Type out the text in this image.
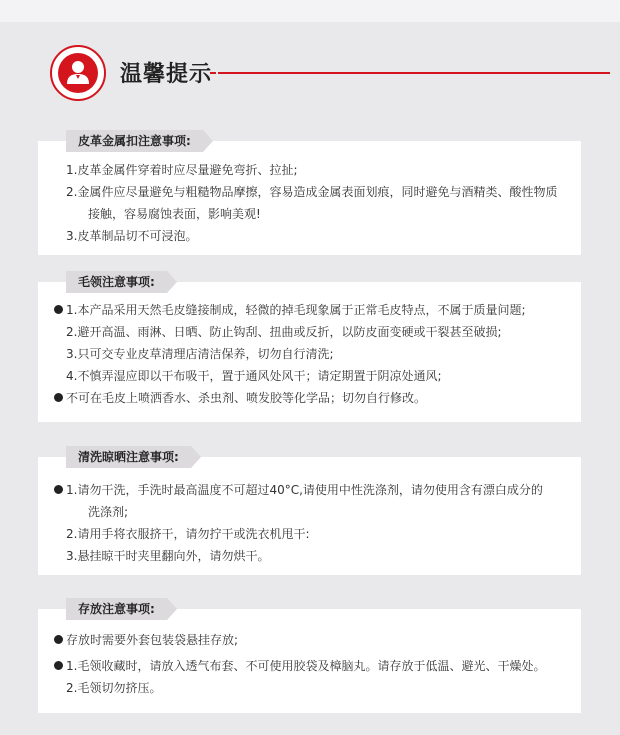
温馨提示
1.皮革金属件穿着时应尽量避免弯折、拉扯;
2.金属件应尽量避免与粗糙物品摩擦，容易造成金属表面划痕，同时避免与酒精类、酸性物质
接触，容易腐蚀表面，影响美观!
3.皮革制品切不可浸泡。
皮革金属扣注意事项:
1.本产品采用天然毛皮缝接制成，轻微的掉毛现象属于正常毛皮特点，不属于质量问题;
2.避开高温、雨淋、日晒、防止钩刮、扭曲或反折，以防皮面变硬或干裂甚至破损;
3.只可交专业皮草清理店清洁保养，切勿自行清洗;
4.不慎弄湿应即以干布吸干，置于通风处风干；请定期置于阴凉处通风;
不可在毛皮上喷洒香水、杀虫剂、喷发胶等化学品；切勿自行修改。
毛领注意事项:
1.请勿干洗，手洗时最高温度不可超过40°C,请使用中性洗涤剂，请勿使用含有漂白成分的
洗涤剂;
2.请用手将衣服挤干，请勿拧干或洗衣机甩干:
3.悬挂晾干时夹里翻向外，请勿烘干。
清洗晾晒注意事项:
存放时需要外套包装袋悬挂存放;
1.毛领收藏时，请放入透气布套、不可使用胶袋及樟脑丸。请存放于低温、避光、干燥处。
2.毛领切勿挤压。
存放注意事项:
